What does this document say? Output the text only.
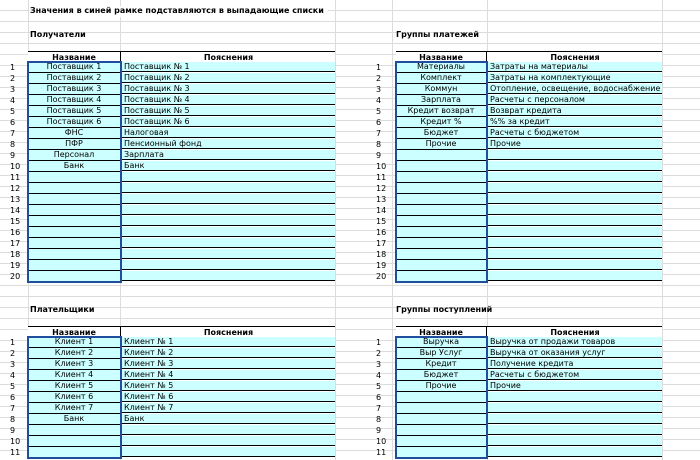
Значения в синей рамке подставляются в выпадающие списки
Получатели
Название	Пояснения
1	Поставщик 1	Поставщик № 1
2	Поставщик 2	Поставщик № 2
3	Поставщик 3	Поставщик № 3
4	Поставщик 4	Поставщик № 4
5	Поставщик 5	Поставщик № 5
6	Поставщик 6	Поставщик № 6
7	ФНС	Налоговая
8	ПФР	Пенсионный фонд
9	Персонал	Зарплата
10	Банк	Банк
11
12
13
14
15
16
17
18
19
20
Группы платежей
Название	Пояснения
1	Материалы	Затраты на материалы
2	Комплект	Затраты на комплектующие
3	Коммун	Отопление, освещение, водоснабжение
4	Зарплата	Расчеты с персоналом
5	Кредит возврат	Возврат кредита
6	Кредит %	%% за кредит
7	Бюджет	Расчеты с бюджетом
8	Прочие	Прочие
9
10
11
12
13
14
15
16
17
18
19
20
Плательщики
Название	Пояснения
1	Клиент 1	Клиент № 1
2	Клиент 2	Клиент № 2
3	Клиент 3	Клиент № 3
4	Клиент 4	Клиент № 4
5	Клиент 5	Клиент № 5
6	Клиент 6	Клиент № 6
7	Клиент 7	Клиент № 7
8	Банк	Банк
9
10
11
Группы поступлений
Название	Пояснения
1	Выручка	Выручка от продажи товаров
2	Выр Услуг	Выручка от оказания услуг
3	Кредит	Получение кредита
4	Бюджет	Расчеты с бюджетом
5	Прочие	Прочие
6
7
8
9
10
11
